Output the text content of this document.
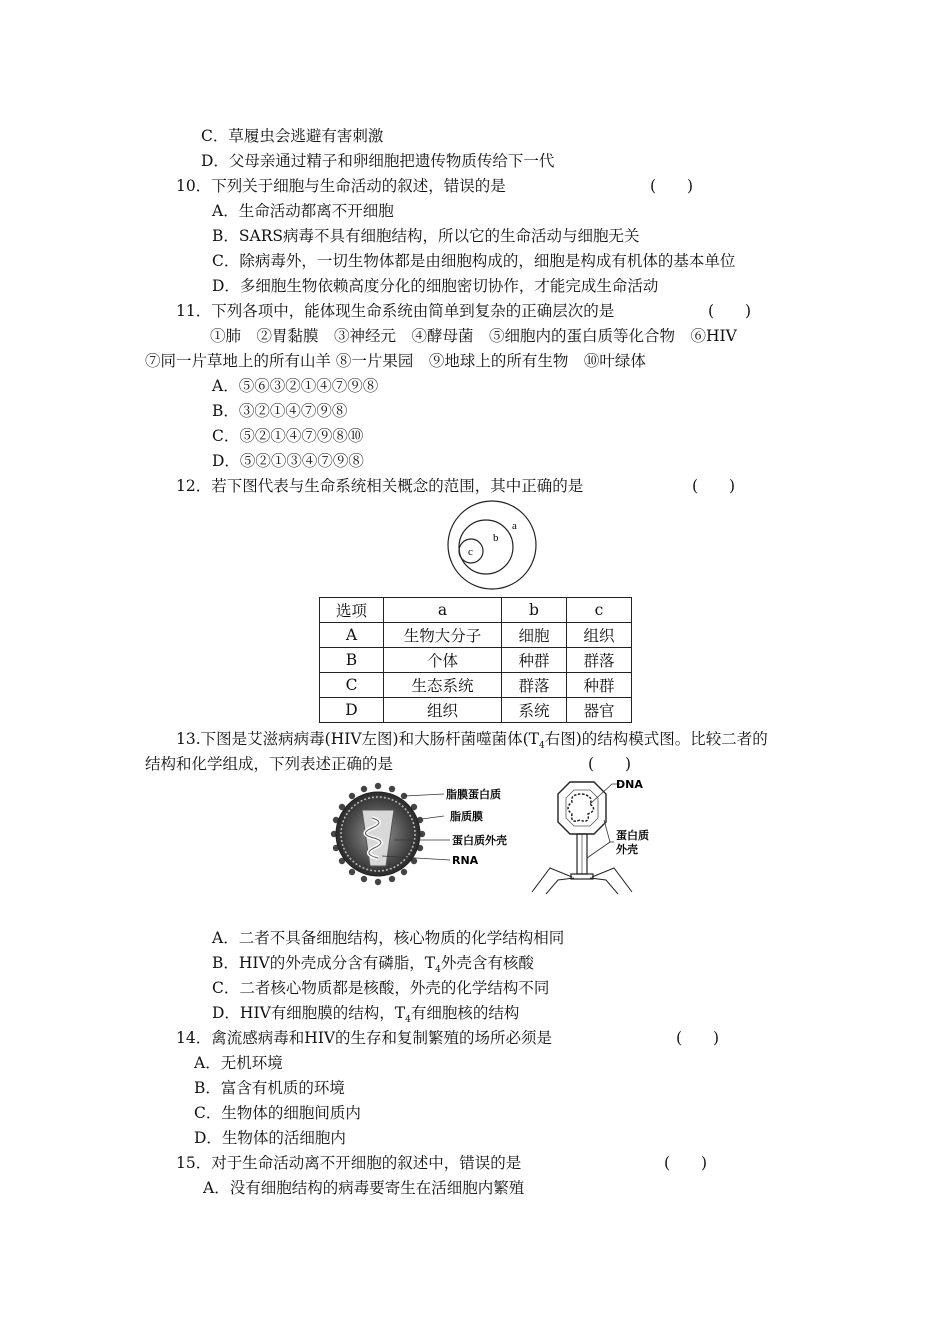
C．草履虫会逃避有害刺激
D．父母亲通过精子和卵细胞把遗传物质传给下一代
10．下列关于细胞与生命活动的叙述，错误的是	(　　)
A．生命活动都离不开细胞
B．SARS病毒不具有细胞结构，所以它的生命活动与细胞无关
C．除病毒外，一切生物体都是由细胞构成的，细胞是构成有机体的基本单位
D．多细胞生物依赖高度分化的细胞密切协作，才能完成生命活动
11．下列各项中，能体现生命系统由简单到复杂的正确层次的是	(　　)
①肺　②胃黏膜　③神经元　④酵母菌　⑤细胞内的蛋白质等化合物　⑥HIV
⑦同一片草地上的所有山羊 ⑧一片果园　⑨地球上的所有生物　⑩叶绿体
A．⑤⑥③②①④⑦⑨⑧
B．③②①④⑦⑨⑧
C．⑤②①④⑦⑨⑧⑩
D．⑤②①③④⑦⑨⑧
12．若下图代表与生命系统相关概念的范围，其中正确的是	(　　)
a
b
c
选项	a	b	c
A	生物大分子	细胞	组织
B	个体	种群	群落
C	生态系统	群落	种群
D	组织	系统	器官
13.下图是艾滋病病毒(HIV左图)和大肠杆菌噬菌体($T_4$右图)的结构模式图。比较二者的
结构和化学组成，下列表述正确的是	(　　)
脂膜蛋白质
脂质膜
蛋白质外壳
RNA
DNA
蛋白质
外壳
A．二者不具备细胞结构，核心物质的化学结构相同
B．HIV的外壳成分含有磷脂，$T_4$外壳含有核酸
C．二者核心物质都是核酸，外壳的化学结构不同
D．HIV有细胞膜的结构，$T_4$有细胞核的结构
14．禽流感病毒和HIV的生存和复制繁殖的场所必须是	(　　)
A．无机环境
B．富含有机质的环境
C．生物体的细胞间质内
D．生物体的活细胞内
15．对于生命活动离不开细胞的叙述中，错误的是	(　　)
A．没有细胞结构的病毒要寄生在活细胞内繁殖
